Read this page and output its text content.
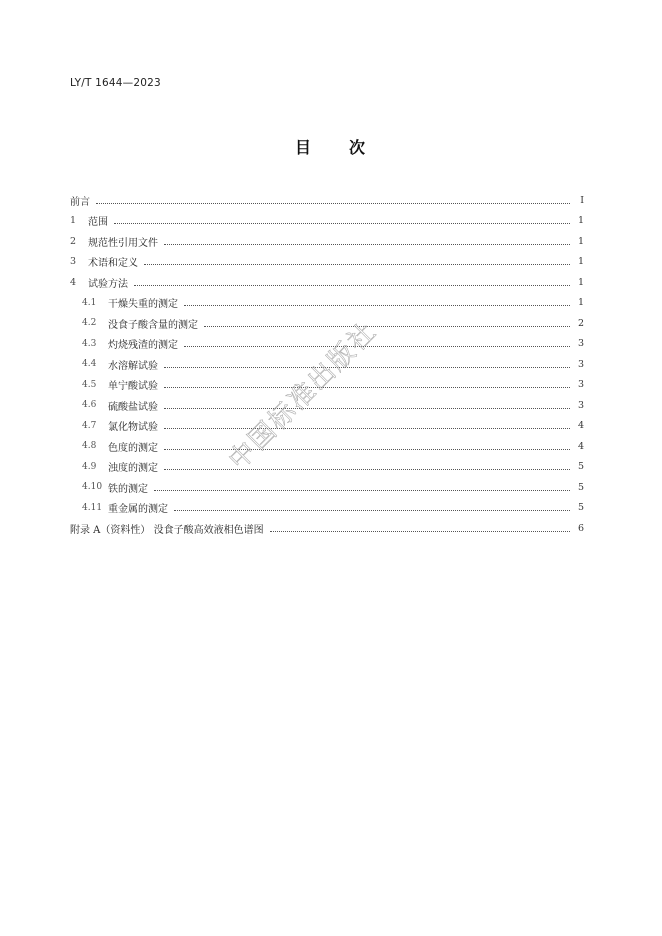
LY/T 1644—2023
目 次
前言	I
1	范围	1
2	规范性引用文件	1
3	术语和定义	1
4	试验方法	1
4.1	干燥失重的测定	1
4.2	没食子酸含量的测定	2
4.3	灼烧残渣的测定	3
4.4	水溶解试验	3
4.5	单宁酸试验	3
4.6	硫酸盐试验	3
4.7	氯化物试验	4
4.8	色度的测定	4
4.9	浊度的测定	5
4.10 铁的测定	5
4.11 重金属的测定	5
附录 A（资料性） 没食子酸高效液相色谱图	6
中国标准出版社
